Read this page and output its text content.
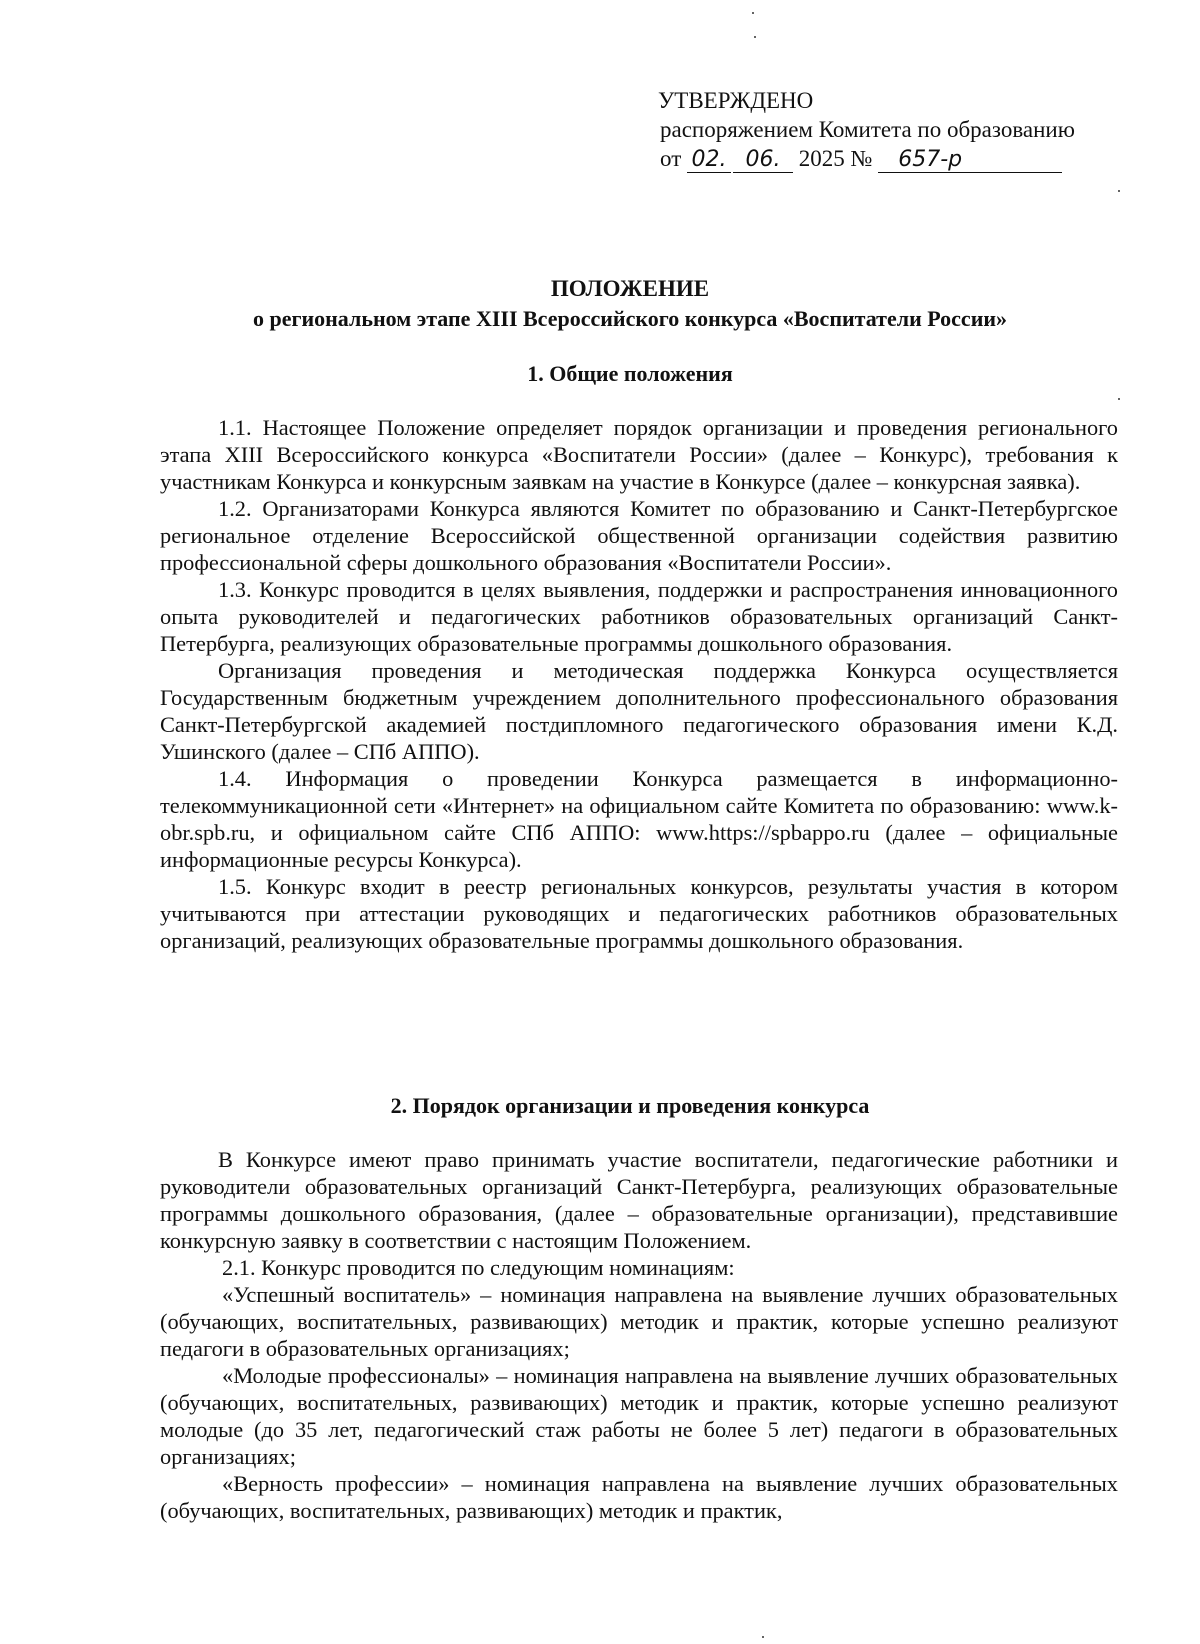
УТВЕРЖДЕНО
распоряжением Комитета по образованию
от 02. 06. 2025 № 657-р
ПОЛОЖЕНИЕ
о региональном этапе XIII Всероссийского конкурса «Воспитатели России»
1. Общие положения

1.1. Настоящее Положение определяет порядок организации и проведения регионального этапа XIII Всероссийского конкурса «Воспитатели России» (далее – Конкурс), требования к участникам Конкурса и конкурсным заявкам на участие в Конкурсе (далее – конкурсная заявка).

1.2. Организаторами Конкурса являются Комитет по образованию и Санкт-Петербургское региональное отделение Всероссийской общественной организации содействия развитию профессиональной сферы дошкольного образования «Воспитатели России».

1.3. Конкурс проводится в целях выявления, поддержки и распространения инновационного опыта руководителей и педагогических работников образовательных организаций Санкт-Петербурга, реализующих образовательные программы дошкольного образования.

Организация проведения и методическая поддержка Конкурса осуществляется Государственным бюджетным учреждением дополнительного профессионального образования Санкт-Петербургской академией постдипломного педагогического образования имени К.Д. Ушинского (далее – СПб АППО).

1.4. Информация о проведении Конкурса размещается в информационно-телекоммуникационной сети «Интернет» на официальном сайте Комитета по образованию: www.k-obr.spb.ru, и официальном сайте СПб АППО: www.https://spbappo.ru (далее – официальные информационные ресурсы Конкурса).

1.5. Конкурс входит в реестр региональных конкурсов, результаты участия в котором учитываются при аттестации руководящих и педагогических работников образовательных организаций, реализующих образовательные программы дошкольного образования.

2. Порядок организации и проведения конкурса

В Конкурсе имеют право принимать участие воспитатели, педагогические работники и руководители образовательных организаций Санкт-Петербурга, реализующих образовательные программы дошкольного образования, (далее – образовательные организации), представившие конкурсную заявку в соответствии с настоящим Положением.

2.1. Конкурс проводится по следующим номинациям:

«Успешный воспитатель» – номинация направлена на выявление лучших образовательных (обучающих, воспитательных, развивающих) методик и практик, которые успешно реализуют педагоги в образовательных организациях;

«Молодые профессионалы» – номинация направлена на выявление лучших образовательных (обучающих, воспитательных, развивающих) методик и практик, которые успешно реализуют молодые (до 35 лет, педагогический стаж работы не более 5 лет) педагоги в образовательных организациях;

«Верность профессии» – номинация направлена на выявление лучших образовательных (обучающих, воспитательных, развивающих) методик и практик,
